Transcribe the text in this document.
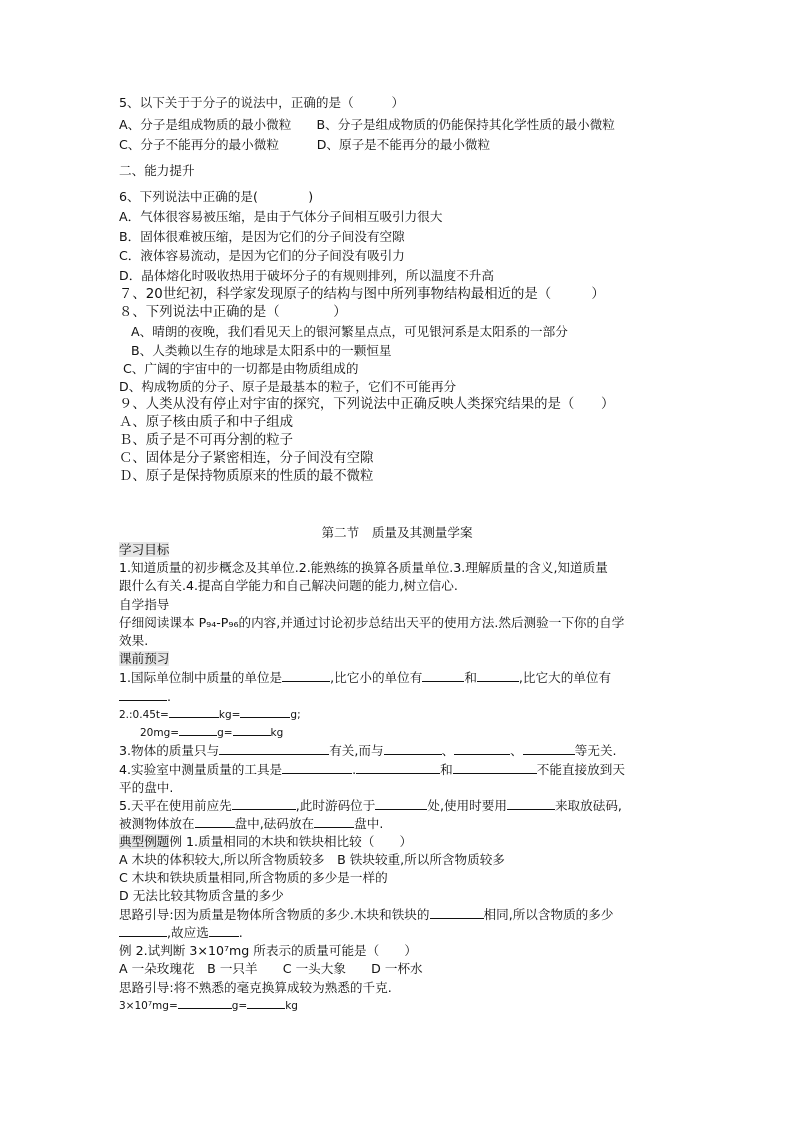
5、以下关于于分子的说法中，正确的是（　　　）
A、分子是组成物质的最小微粒　　B、分子是组成物质的仍能保持其化学性质的最小微粒
C、分子不能再分的最小微粒　　　D、原子是不能再分的最小微粒
二、能力提升
6、下列说法中正确的是(　　　　)
A．气体很容易被压缩，是由于气体分子间相互吸引力很大
B．固体很难被压缩，是因为它们的分子间没有空隙
C．液体容易流动，是因为它们的分子间没有吸引力
D．晶体熔化时吸收热用于破坏分子的有规则排列，所以温度不升高
７、20世纪初，科学家发现原子的结构与图中所列事物结构最相近的是（　　　）
８、下列说法中正确的是（　　　　）
A、晴朗的夜晚，我们看见天上的银河繁星点点，可见银河系是太阳系的一部分
B、人类赖以生存的地球是太阳系中的一颗恒星
C、广阔的宇宙中的一切都是由物质组成的
D、构成物质的分子、原子是最基本的粒子，它们不可能再分
９、人类从没有停止对宇宙的探究，下列说法中正确反映人类探究结果的是（　　）
Ａ、原子核由质子和中子组成
Ｂ、质子是不可再分割的粒子
Ｃ、固体是分子紧密相连，分子间没有空隙
Ｄ、原子是保持物质原来的性质的最不微粒
第二节　质量及其测量学案
学习目标
1.知道质量的初步概念及其单位.2.能熟练的换算各质量单位.3.理解质量的含义,知道质量
跟什么有关.4.提高自学能力和自己解决问题的能力,树立信心.
自学指导
仔细阅读课本 P₉₄-P₉₆的内容,并通过讨论初步总结出天平的使用方法.然后测验一下你的自学
效果.
课前预习
1.国际单位制中质量的单位是	,比它小的单位有	和	,比它大的单位有
.
2.:0.45t=	kg=	g;
20mg=	g=	kg
3.物体的质量只与	有关,而与	、	、	等无关.
4.实验室中测量质量的工具是	.	和	不能直接放到天
平的盘中.
5.天平在使用前应先	,此时游码位于	处,使用时要用	来取放砝码,
被测物体放在	盘中,砝码放在	盘中.
典型例题例 1.质量相同的木块和铁块相比较（　　）
A 木块的体积较大,所以所含物质较多　B 铁块较重,所以所含物质较多
C 木块和铁块质量相同,所含物质的多少是一样的
D 无法比较其物质含量的多少
思路引导:因为质量是物体所含物质的多少.木块和铁块的	相同,所以含物质的多少
,故应选 .
例 2.试判断 3×10⁷mg 所表示的质量可能是（　　）
A 一朵玫瑰花　B 一只羊　　C 一头大象　　D 一杯水
思路引导:将不熟悉的毫克换算成较为熟悉的千克.
3×10⁷mg=	g=	kg
